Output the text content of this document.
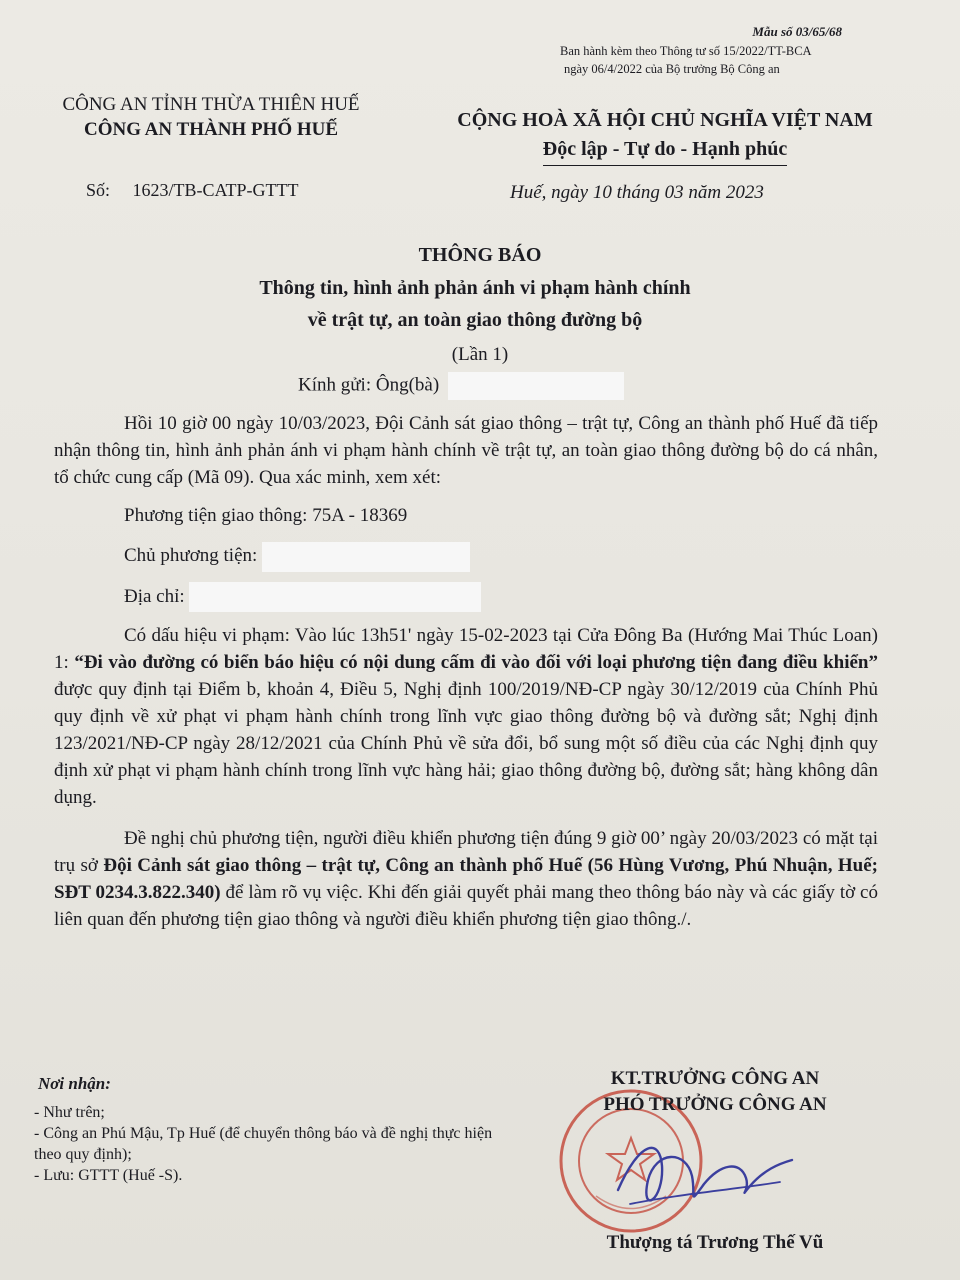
Mẫu số 03/65/68
Ban hành kèm theo Thông tư số 15/2022/TT-BCA
ngày 06/4/2022 của Bộ trưởng Bộ Công an
CÔNG AN TỈNH THỪA THIÊN HUẾ
CÔNG AN THÀNH PHỐ HUẾ	CỘNG HOÀ XÃ HỘI CHỦ NGHĨA VIỆT NAM
Độc lập - Tự do - Hạnh phúc
Số: 1623/TB-CATP-GTTT	Huế, ngày 10 tháng 03 năm 2023
THÔNG BÁO
Thông tin, hình ảnh phản ánh vi phạm hành chính
về trật tự, an toàn giao thông đường bộ
(Lần 1)
Kính gửi: Ông(bà)

Hồi 10 giờ 00 ngày 10/03/2023, Đội Cảnh sát giao thông – trật tự, Công an thành phố Huế đã tiếp nhận thông tin, hình ảnh phản ánh vi phạm hành chính về trật tự, an toàn giao thông đường bộ do cá nhân, tổ chức cung cấp (Mã 09). Qua xác minh, xem xét:

Phương tiện giao thông: 75A - 18369

Chủ phương tiện:

Địa chỉ:

Có dấu hiệu vi phạm: Vào lúc 13h51' ngày 15-02-2023 tại Cửa Đông Ba (Hướng Mai Thúc Loan) 1: “Đi vào đường có biển báo hiệu có nội dung cấm đi vào đối với loại phương tiện đang điều khiển” được quy định tại Điểm b, khoản 4, Điều 5, Nghị định 100/2019/NĐ-CP ngày 30/12/2019 của Chính Phủ quy định về xử phạt vi phạm hành chính trong lĩnh vực giao thông đường bộ và đường sắt; Nghị định 123/2021/NĐ-CP ngày 28/12/2021 của Chính Phủ về sửa đổi, bổ sung một số điều của các Nghị định quy định xử phạt vi phạm hành chính trong lĩnh vực hàng hải; giao thông đường bộ, đường sắt; hàng không dân dụng.

Đề nghị chủ phương tiện, người điều khiển phương tiện đúng 9 giờ 00’ ngày 20/03/2023 có mặt tại trụ sở Đội Cảnh sát giao thông – trật tự, Công an thành phố Huế (56 Hùng Vương, Phú Nhuận, Huế; SĐT 0234.3.822.340) để làm rõ vụ việc. Khi đến giải quyết phải mang theo thông báo này và các giấy tờ có liên quan đến phương tiện giao thông và người điều khiển phương tiện giao thông./.

Nơi nhận:
- Như trên;
- Công an Phú Mậu, Tp Huế (để chuyển thông báo và đề nghị thực hiện theo quy định);
- Lưu: GTTT (Huế -S).
KT.TRƯỞNG CÔNG AN
PHÓ TRƯỞNG CÔNG AN
Thượng tá Trương Thế Vũ
